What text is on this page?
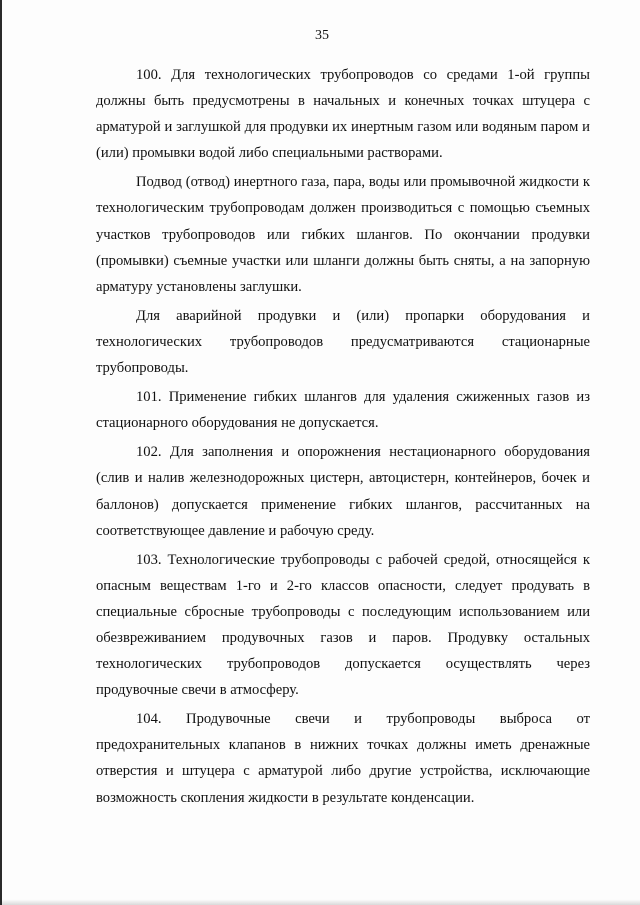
35

100. Для технологических трубопроводов со средами 1-ой группы должны быть предусмотрены в начальных и конечных точках штуцера с арматурой и заглушкой для продувки их инертным газом или водяным паром и (или) промывки водой либо специальными растворами.

Подвод (отвод) инертного газа, пара, воды или промывочной жидкости к технологическим трубопроводам должен производиться с помощью съемных участков трубопроводов или гибких шлангов. По окончании продувки (промывки) съемные участки или шланги должны быть сняты, а на запорную арматуру установлены заглушки.

Для аварийной продувки и (или) пропарки оборудования и технологических трубопроводов предусматриваются стационарные трубопроводы.

101. Применение гибких шлангов для удаления сжиженных газов из стационарного оборудования не допускается.

102. Для заполнения и опорожнения нестационарного оборудования (слив и налив железнодорожных цистерн, автоцистерн, контейнеров, бочек и баллонов) допускается применение гибких шлангов, рассчитанных на соответствующее давление и рабочую среду.

103. Технологические трубопроводы с рабочей средой, относящейся к опасным веществам 1-го и 2-го классов опасности, следует продувать в специальные сбросные трубопроводы с последующим использованием или обезвреживанием продувочных газов и паров. Продувку остальных технологических трубопроводов допускается осуществлять через продувочные свечи в атмосферу.

104. Продувочные свечи и трубопроводы выброса от предохранительных клапанов в нижних точках должны иметь дренажные отверстия и штуцера с арматурой либо другие устройства, исключающие возможность скопления жидкости в результате конденсации.
